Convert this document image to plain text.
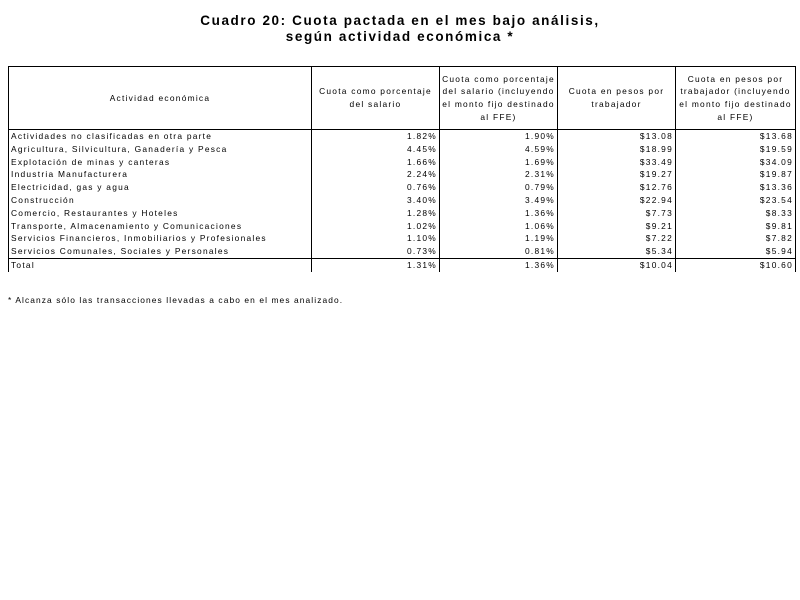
Cuadro 20: Cuota pactada en el mes bajo análisis,
según actividad económica *
Actividad económica	Cuota como porcentaje del salario	Cuota como porcentaje del salario (incluyendo el monto fijo destinado al FFE)	Cuota en pesos por trabajador	Cuota en pesos por trabajador (incluyendo el monto fijo destinado al FFE)
Actividades no clasificadas en otra parte	1.82%	1.90%	$13.08	$13.68
Agricultura, Silvicultura, Ganadería y Pesca	4.45%	4.59%	$18.99	$19.59
Explotación de minas y canteras	1.66%	1.69%	$33.49	$34.09
Industria Manufacturera	2.24%	2.31%	$19.27	$19.87
Electricidad, gas y agua	0.76%	0.79%	$12.76	$13.36
Construcción	3.40%	3.49%	$22.94	$23.54
Comercio, Restaurantes y Hoteles	1.28%	1.36%	$7.73	$8.33
Transporte, Almacenamiento y Comunicaciones	1.02%	1.06%	$9.21	$9.81
Servicios Financieros, Inmobiliarios y Profesionales	1.10%	1.19%	$7.22	$7.82
Servicios Comunales, Sociales y Personales	0.73%	0.81%	$5.34	$5.94
Total	1.31%	1.36%	$10.04	$10.60
* Alcanza sólo las transacciones llevadas a cabo en el mes analizado.
